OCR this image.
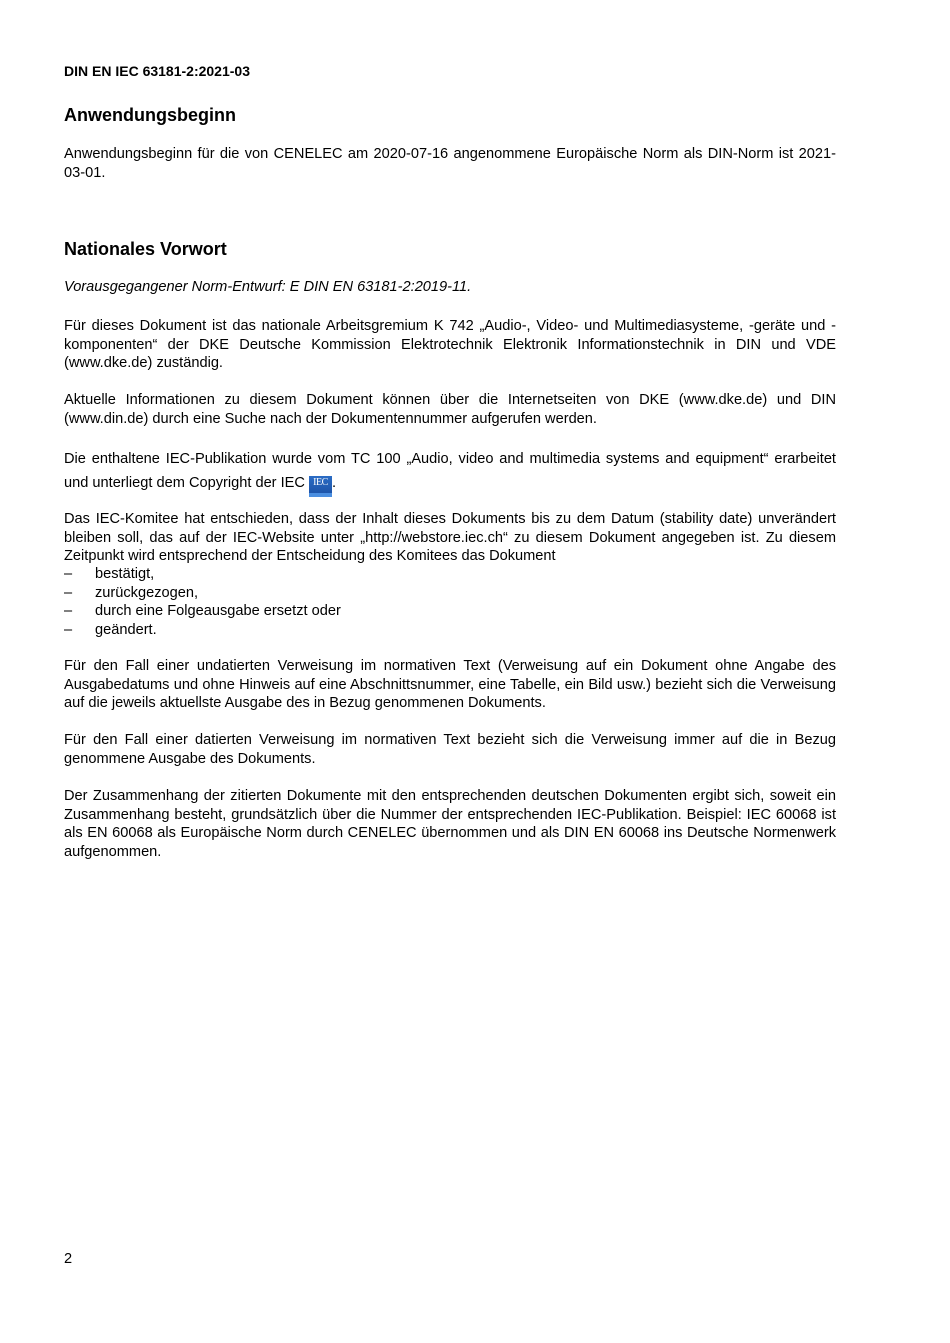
DIN EN IEC 63181-2:2021-03
Anwendungsbeginn

Anwendungsbeginn für die von CENELEC am 2020-07-16 angenommene Europäische Norm als DIN-Norm ist 2021-03-01.

Nationales Vorwort

Vorausgegangener Norm-Entwurf: E DIN EN 63181-2:2019-11.

Für dieses Dokument ist das nationale Arbeitsgremium K 742 „Audio-, Video- und Multimediasysteme, -geräte und -komponenten“ der DKE Deutsche Kommission Elektrotechnik Elektronik Informationstechnik in DIN und VDE (www.dke.de) zuständig.

Aktuelle Informationen zu diesem Dokument können über die Internetseiten von DKE (www.dke.de) und DIN (www.din.de) durch eine Suche nach der Dokumentennummer aufgerufen werden.

Die enthaltene IEC-Publikation wurde vom TC 100 „Audio, video and multimedia systems and equipment“ erarbeitet und unterliegt dem Copyright der IEC IEC .

Das IEC-Komitee hat entschieden, dass der Inhalt dieses Dokuments bis zu dem Datum (stability date) unverändert bleiben soll, das auf der IEC-Website unter „http://webstore.iec.ch“ zu diesem Dokument angegeben ist. Zu diesem Zeitpunkt wird entsprechend der Entscheidung des Komitees das Dokument

– bestätigt,
– zurückgezogen,
– durch eine Folgeausgabe ersetzt oder
– geändert.

Für den Fall einer undatierten Verweisung im normativen Text (Verweisung auf ein Dokument ohne Angabe des Ausgabedatums und ohne Hinweis auf eine Abschnittsnummer, eine Tabelle, ein Bild usw.) bezieht sich die Verweisung auf die jeweils aktuellste Ausgabe des in Bezug genommenen Dokuments.

Für den Fall einer datierten Verweisung im normativen Text bezieht sich die Verweisung immer auf die in Bezug genommene Ausgabe des Dokuments.

Der Zusammenhang der zitierten Dokumente mit den entsprechenden deutschen Dokumenten ergibt sich, soweit ein Zusammenhang besteht, grundsätzlich über die Nummer der entsprechenden IEC-Publikation. Beispiel: IEC 60068 ist als EN 60068 als Europäische Norm durch CENELEC übernommen und als DIN EN 60068 ins Deutsche Normenwerk aufgenommen.

2
